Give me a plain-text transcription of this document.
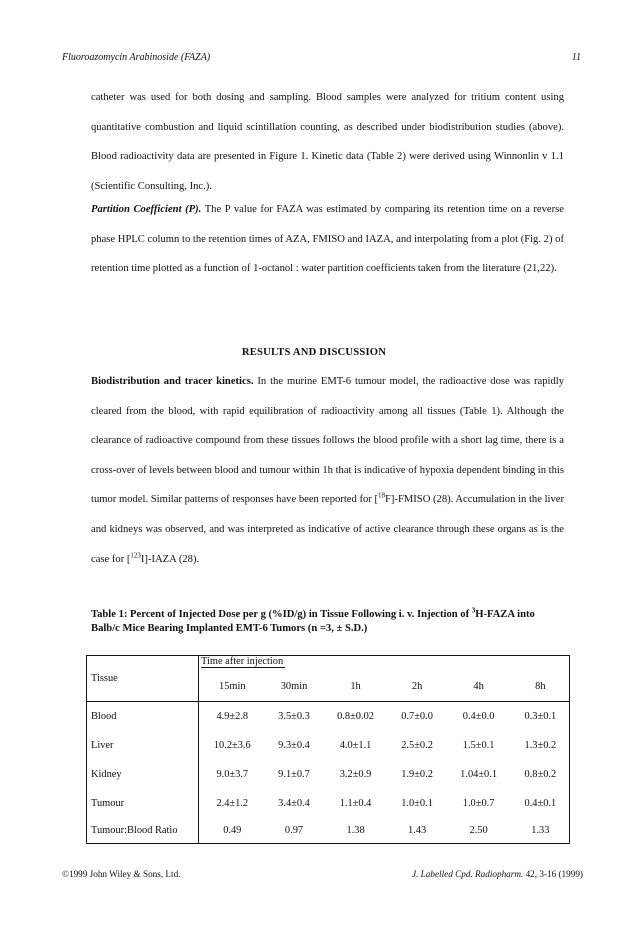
Fluoroazomycin Arabinoside (FAZA)	11
catheter was used for both dosing and sampling. Blood samples were analyzed for tritium content using quantitative combustion and liquid scintillation counting, as described under biodistribution studies (above). Blood radioactivity data are presented in Figure 1. Kinetic data (Table 2) were derived using Winnonlin v 1.1 (Scientific Consulting, Inc.).
Partition Coefficient (P). The P value for FAZA was estimated by comparing its retention time on a reverse phase HPLC column to the retention times of AZA, FMISO and IAZA, and interpolating from a plot (Fig. 2) of retention time plotted as a function of 1-octanol : water partition coefficients taken from the literature (21,22).
RESULTS AND DISCUSSION
Biodistribution and tracer kinetics. In the murine EMT-6 tumour model, the radioactive dose was rapidly cleared from the blood, with rapid equilibration of radioactivity among all tissues (Table 1). Although the clearance of radioactive compound from these tissues follows the blood profile with a short lag time, there is a cross-over of levels between blood and tumour within 1h that is indicative of hypoxia dependent binding in this tumor model. Similar patterns of responses have been reported for [$^{18}$F]-FMISO (28). Accumulation in the liver and kidneys was observed, and was interpreted as indicative of active clearance through these organs as is the case for [$^{123}$I]-IAZA (28).
Table 1: Percent of Injected Dose per g (%ID/g) in Tissue Following i. v. Injection of $^3$H-FAZA into Balb/c Mice Bearing Implanted EMT-6 Tumors (n =3, ± S.D.)
Tissue	Time after injection					
	15min	30min	1h	2h	4h	8h
Blood	4.9±2.8	3.5±0.3	0.8±0.02	0.7±0.0	0.4±0.0	0.3±0.1
Liver	10.2±3.6	9.3±0.4	4.0±1.1	2.5±0.2	1.5±0.1	1.3±0.2
Kidney	9.0±3.7	9.1±0.7	3.2±0.9	1.9±0.2	1.04±0.1	0.8±0.2
Tumour	2.4±1.2	3.4±0.4	1.1±0.4	1.0±0.1	1.0±0.7	0.4±0.1
Tumour:Blood Ratio	0.49	0.97	1.38	1.43	2.50	1.33
©1999 John Wiley & Sons, Ltd.	J. Labelled Cpd. Radiopharm. 42, 3-16 (1999)
